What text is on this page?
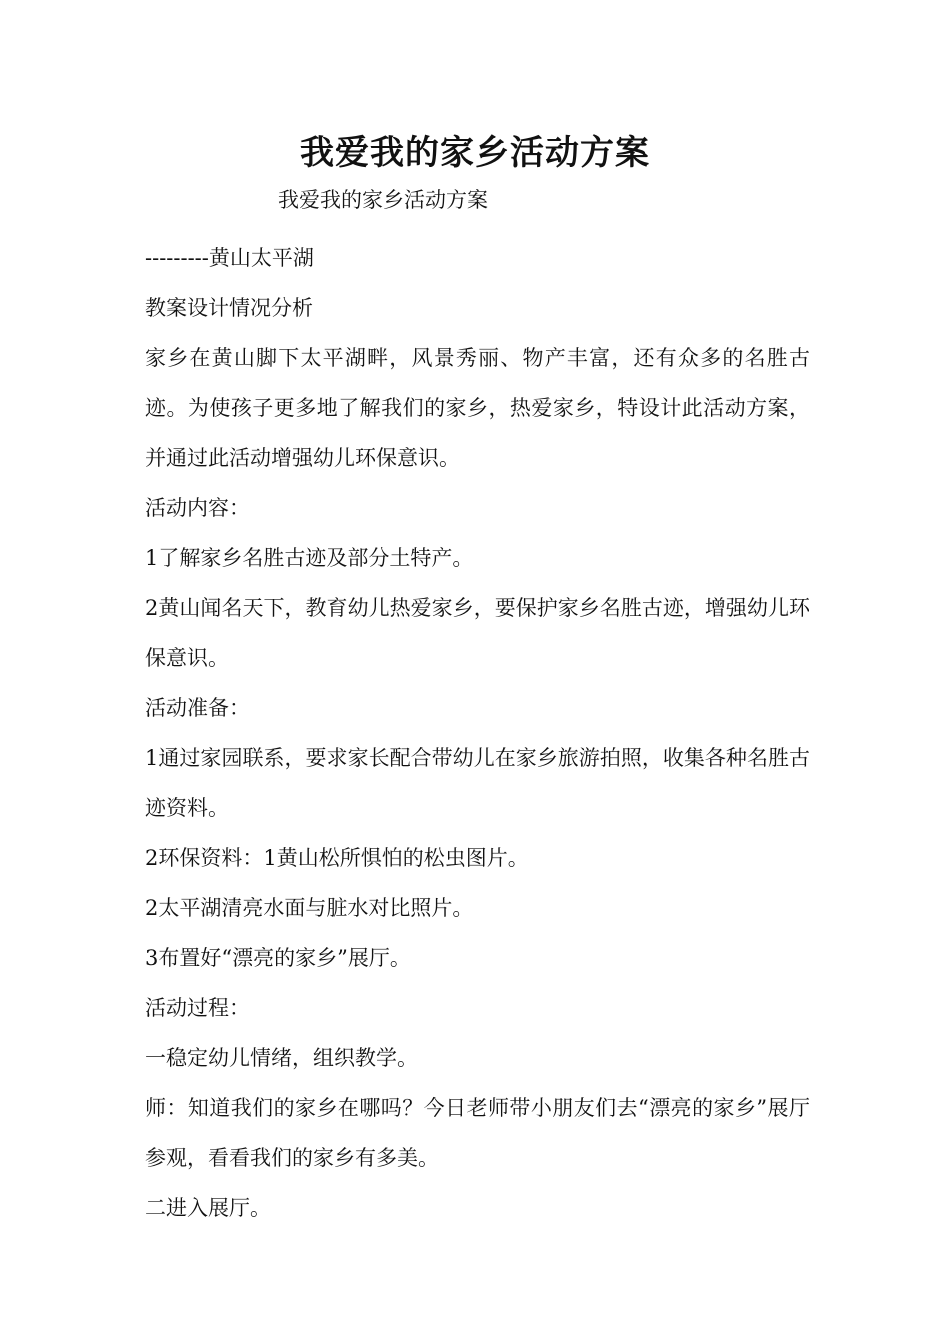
我爱我的家乡活动方案
我爱我的家乡活动方案

---------黄山太平湖

教案设计情况分析

家乡在黄山脚下太平湖畔，风景秀丽、物产丰富，还有众多的名胜古迹。为使孩子更多地了解我们的家乡，热爱家乡，特设计此活动方案，并通过此活动增强幼儿环保意识。

活动内容：

1了解家乡名胜古迹及部分土特产。

2黄山闻名天下，教育幼儿热爱家乡，要保护家乡名胜古迹，增强幼儿环保意识。

活动准备：

1通过家园联系，要求家长配合带幼儿在家乡旅游拍照，收集各种名胜古迹资料。

2环保资料：1黄山松所惧怕的松虫图片。

2太平湖清亮水面与脏水对比照片。

3布置好“漂亮的家乡”展厅。

活动过程：

一稳定幼儿情绪，组织教学。

师：知道我们的家乡在哪吗？今日老师带小朋友们去“漂亮的家乡”展厅参观，看看我们的家乡有多美。

二进入展厅。
